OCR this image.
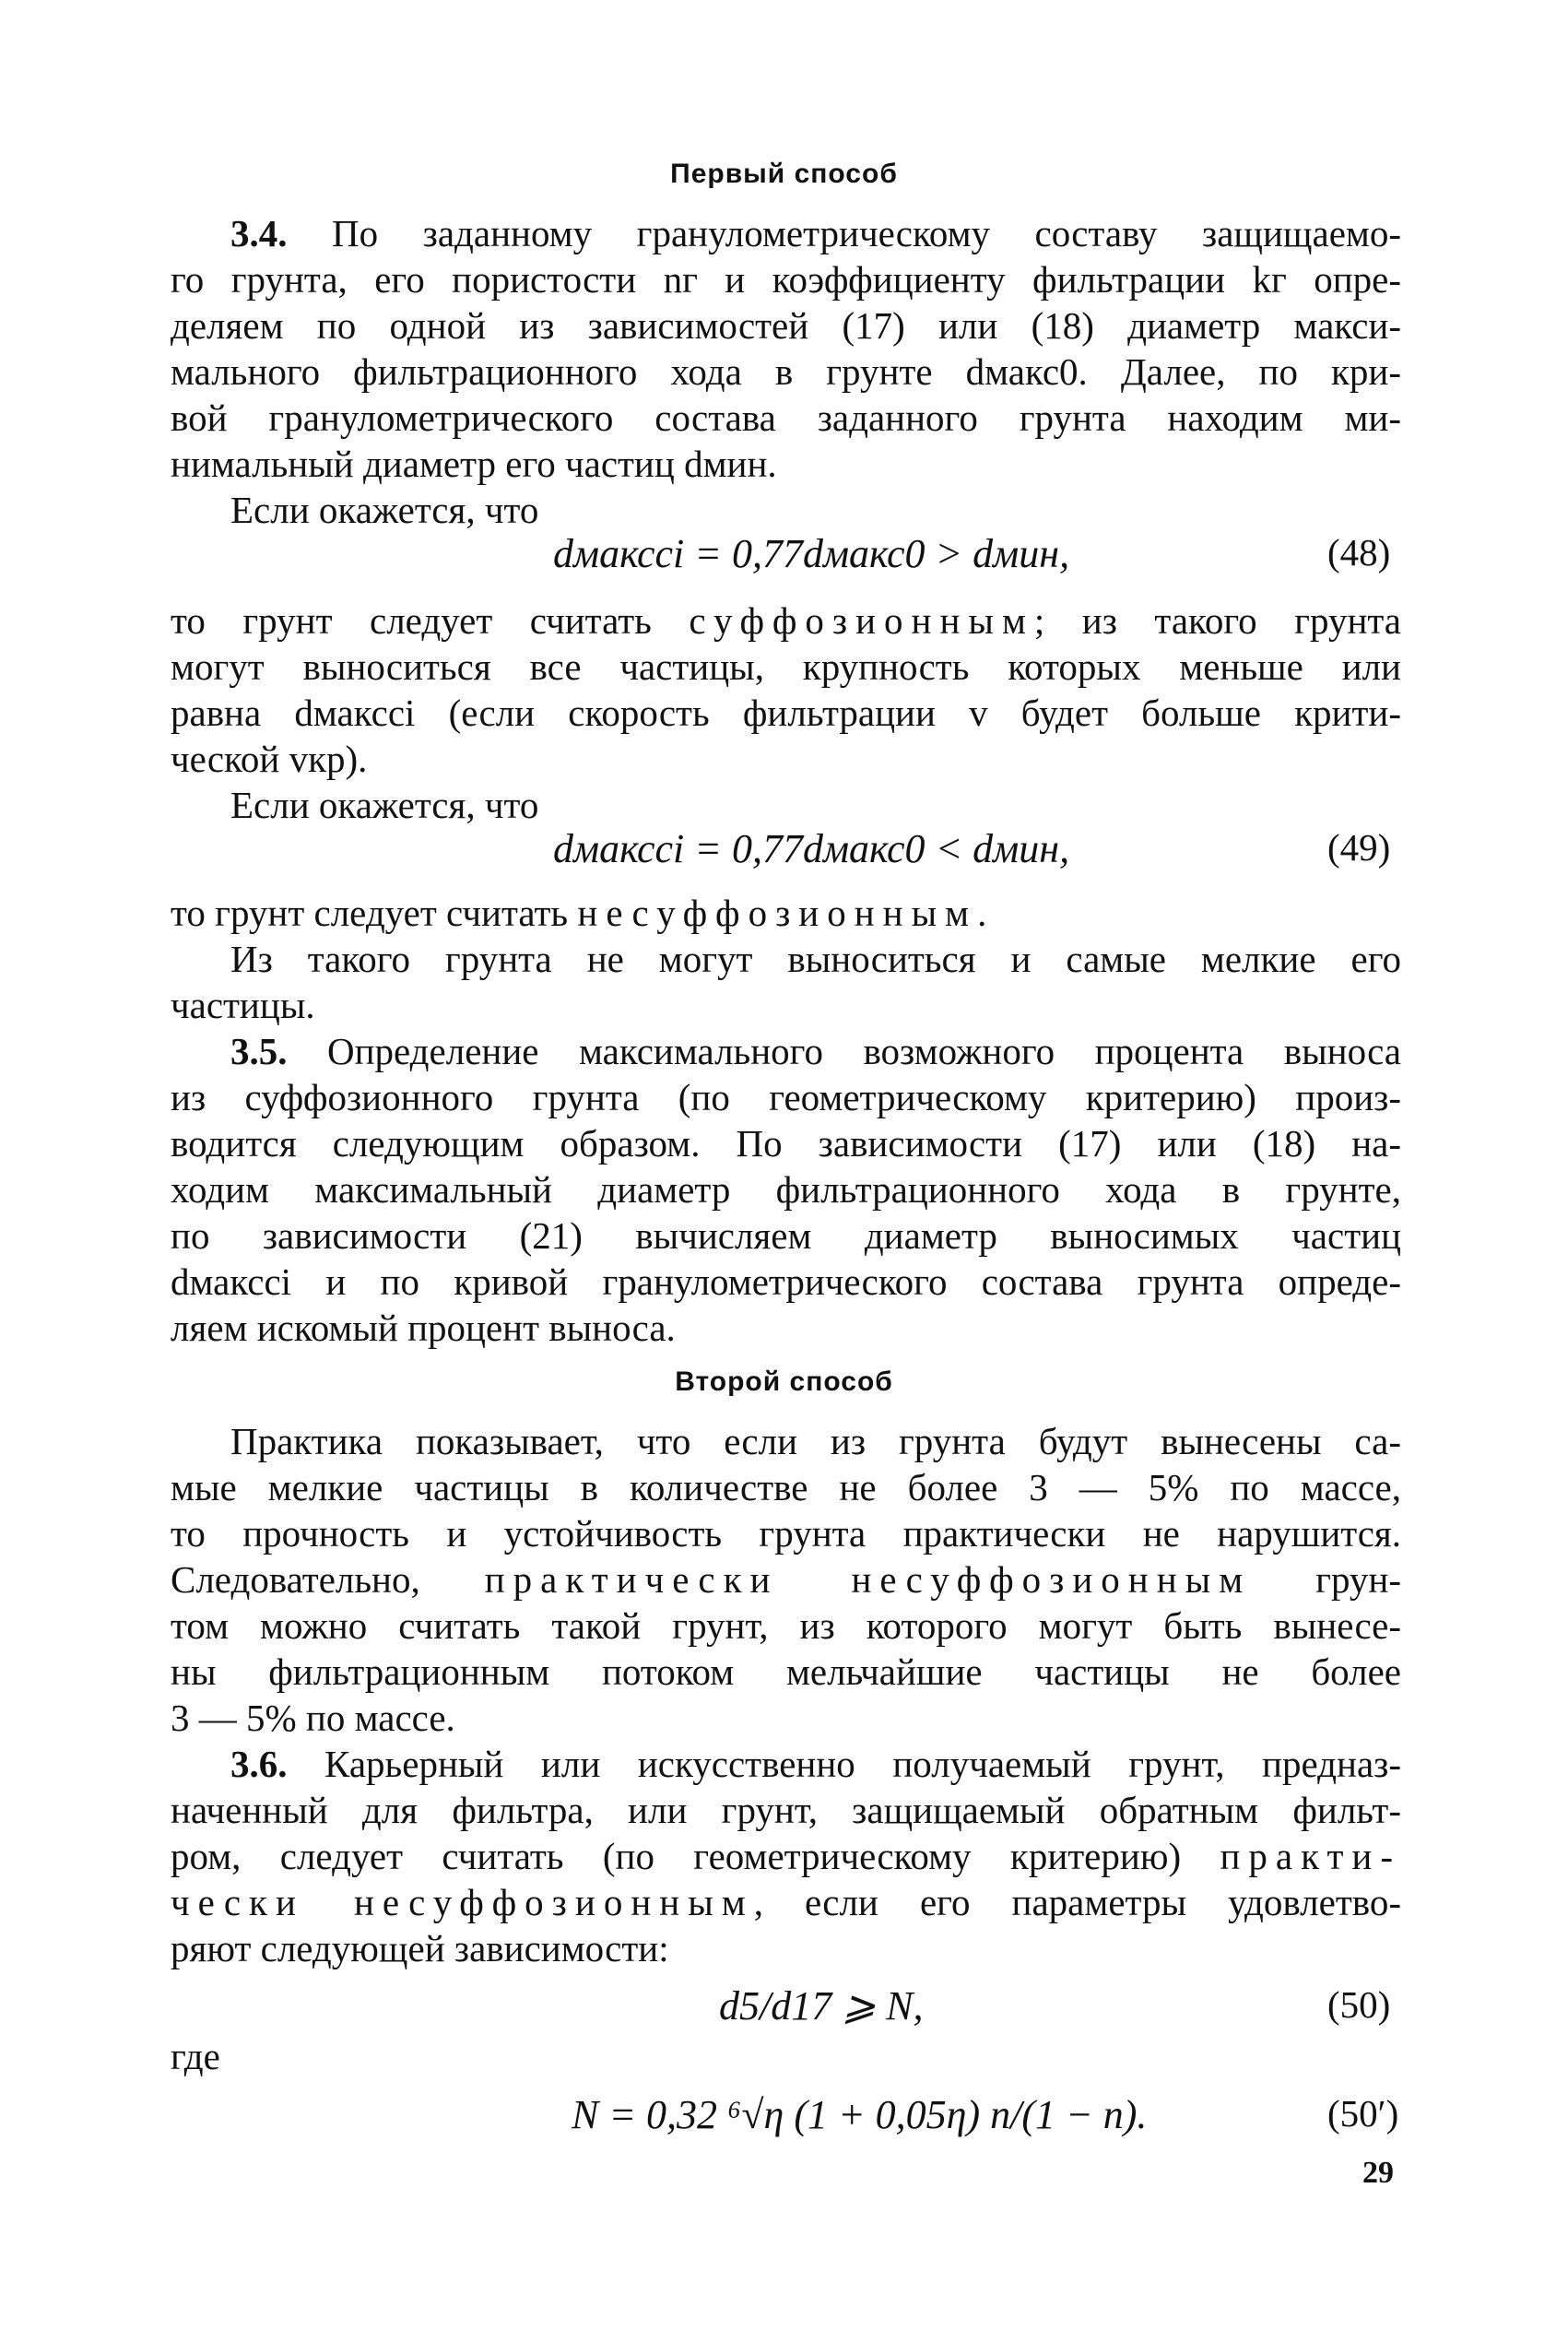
Первый способ
3.4. По заданному гранулометрическому составу защищаемо-
го грунта, его пористости nг и коэффициенту фильтрации kг опре-
деляем по одной из зависимостей (17) или (18) диаметр макси-
мального фильтрационного хода в грунте dмакс0. Далее, по кри-
вой гранулометрического состава заданного грунта находим ми-
нимальный диаметр его частиц dмин.
Если окажется, что
dмаксci = 0,77dмакс0 > dмин,	(48)
то грунт следует считать суффозионным; из такого грунта
могут выноситься все частицы, крупность которых меньше или
равна dмаксci (если скорость фильтрации v будет больше крити-
ческой vкр).
Если окажется, что
dмаксci = 0,77dмакс0 < dмин,	(49)
то грунт следует считать несуффозионным.
Из такого грунта не могут выноситься и самые мелкие его
частицы.
3.5. Определение максимального возможного процента выноса
из суффозионного грунта (по геометрическому критерию) произ-
водится следующим образом. По зависимости (17) или (18) на-
ходим максимальный диаметр фильтрационного хода в грунте,
по зависимости (21) вычисляем диаметр выносимых частиц
dмаксci и по кривой гранулометрического состава грунта опреде-
ляем искомый процент выноса.
Второй способ
Практика показывает, что если из грунта будут вынесены са-
мые мелкие частицы в количестве не более 3 — 5% по массе,
то прочность и устойчивость грунта практически не нарушится.
Следовательно, практически несуффозионным грун-
том можно считать такой грунт, из которого могут быть вынесе-
ны фильтрационным потоком мельчайшие частицы не более
3 — 5% по массе.
3.6. Карьерный или искусственно получаемый грунт, предназ-
наченный для фильтра, или грунт, защищаемый обратным фильт-
ром, следует считать (по геометрическому критерию) практи-
чески несуффозионным, если его параметры удовлетво-
ряют следующей зависимости:
d5/d17 ⩾ N,	(50)
где
N = 0,32 ⁶√η (1 + 0,05η) n/(1 − n).	(50′)
29
